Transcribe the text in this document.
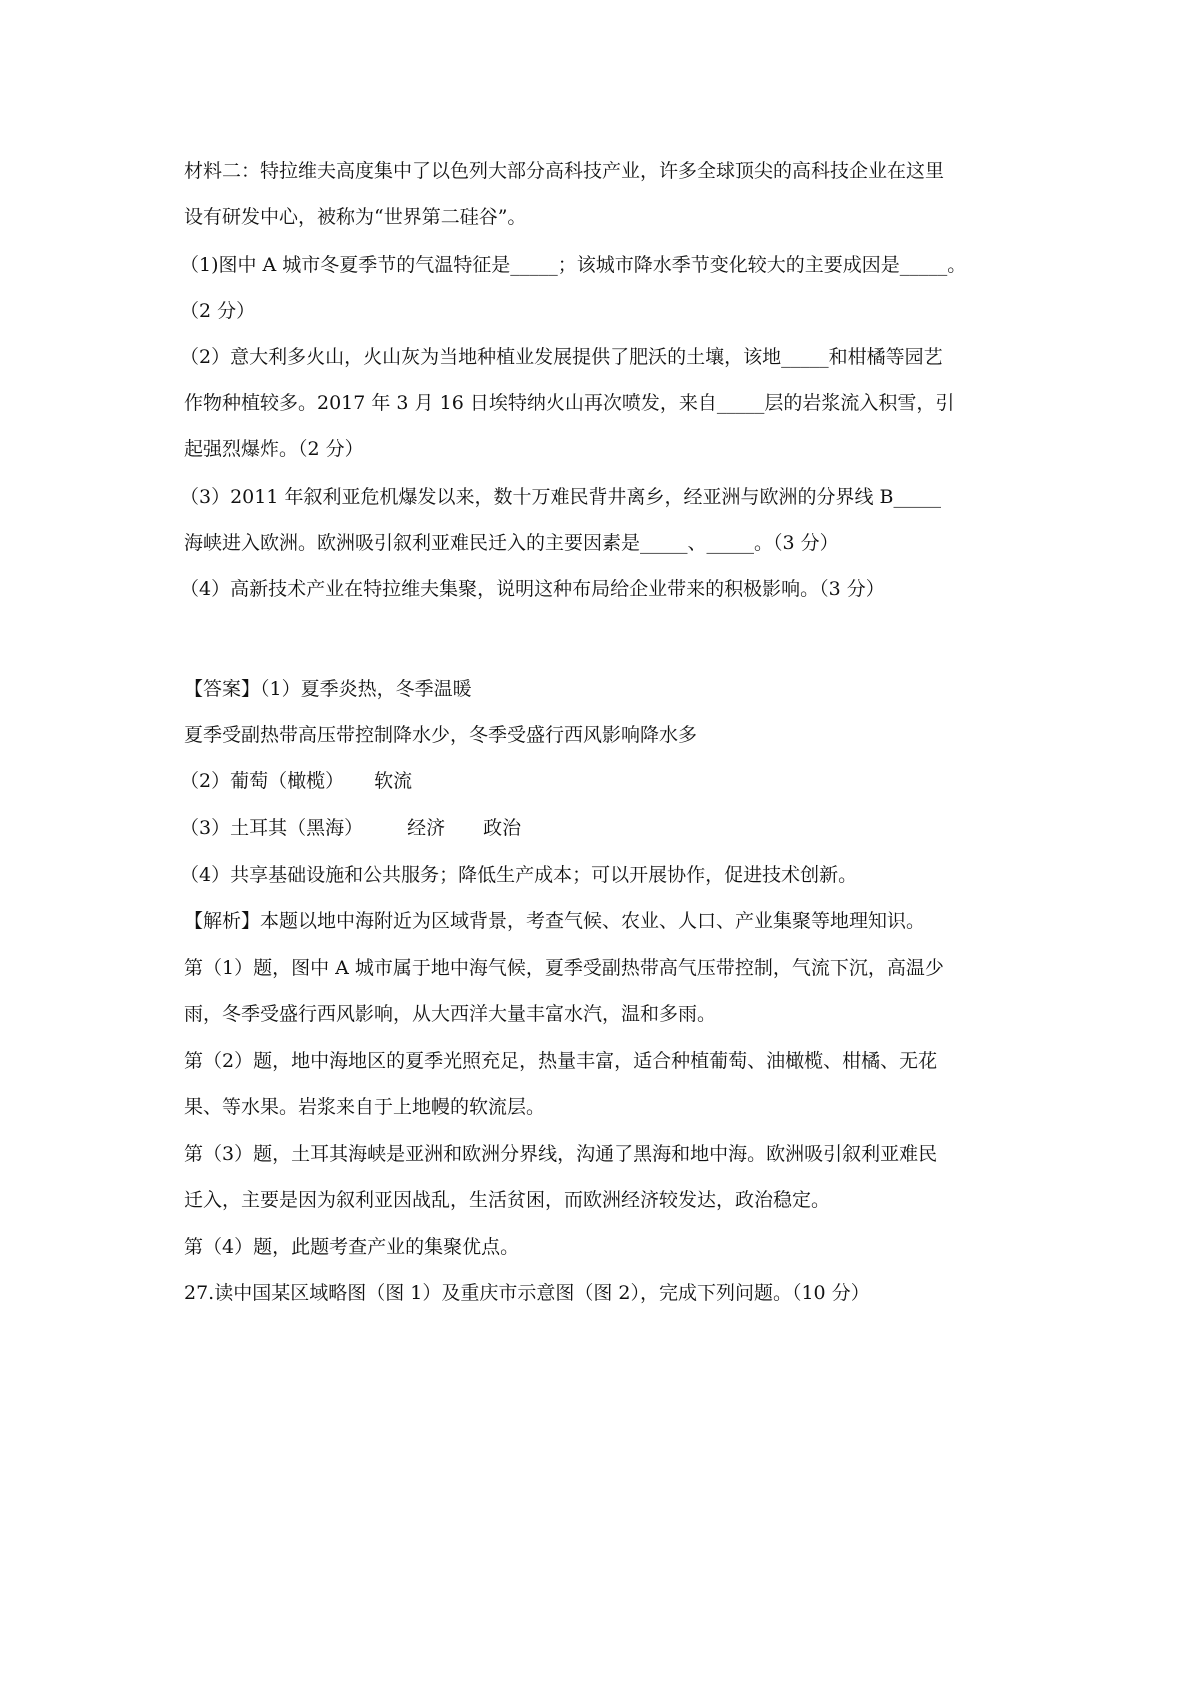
材料二：特拉维夫高度集中了以色列大部分高科技产业，许多全球顶尖的高科技企业在这里
设有研发中心，被称为“世界第二硅谷”。
（1)图中 A 城市冬夏季节的气温特征是_____；该城市降水季节变化较大的主要成因是_____。
（2 分）
（2）意大利多火山，火山灰为当地种植业发展提供了肥沃的土壤，该地_____和柑橘等园艺
作物种植较多。2017 年 3 月 16 日埃特纳火山再次喷发，来自_____层的岩浆流入积雪，引
起强烈爆炸。（2 分）
（3）2011 年叙利亚危机爆发以来，数十万难民背井离乡，经亚洲与欧洲的分界线 B_____
海峡进入欧洲。欧洲吸引叙利亚难民迁入的主要因素是_____、_____。（3 分）
（4）高新技术产业在特拉维夫集聚，说明这种布局给企业带来的积极影响。（3 分）
【答案】（1）夏季炎热，冬季温暖
夏季受副热带高压带控制降水少，冬季受盛行西风影响降水多
（2）葡萄（橄榄） 软流
（3）土耳其（黑海） 经济 政治
（4）共享基础设施和公共服务；降低生产成本；可以开展协作，促进技术创新。
【解析】本题以地中海附近为区域背景，考查气候、农业、人口、产业集聚等地理知识。
第（1）题，图中 A 城市属于地中海气候，夏季受副热带高气压带控制，气流下沉，高温少
雨，冬季受盛行西风影响，从大西洋大量丰富水汽，温和多雨。
第（2）题，地中海地区的夏季光照充足，热量丰富，适合种植葡萄、油橄榄、柑橘、无花
果、等水果。岩浆来自于上地幔的软流层。
第（3）题，土耳其海峡是亚洲和欧洲分界线，沟通了黑海和地中海。欧洲吸引叙利亚难民
迁入，主要是因为叙利亚因战乱，生活贫困，而欧洲经济较发达，政治稳定。
第（4）题，此题考查产业的集聚优点。
27.读中国某区域略图（图 1）及重庆市示意图（图 2），完成下列问题。（10 分）
